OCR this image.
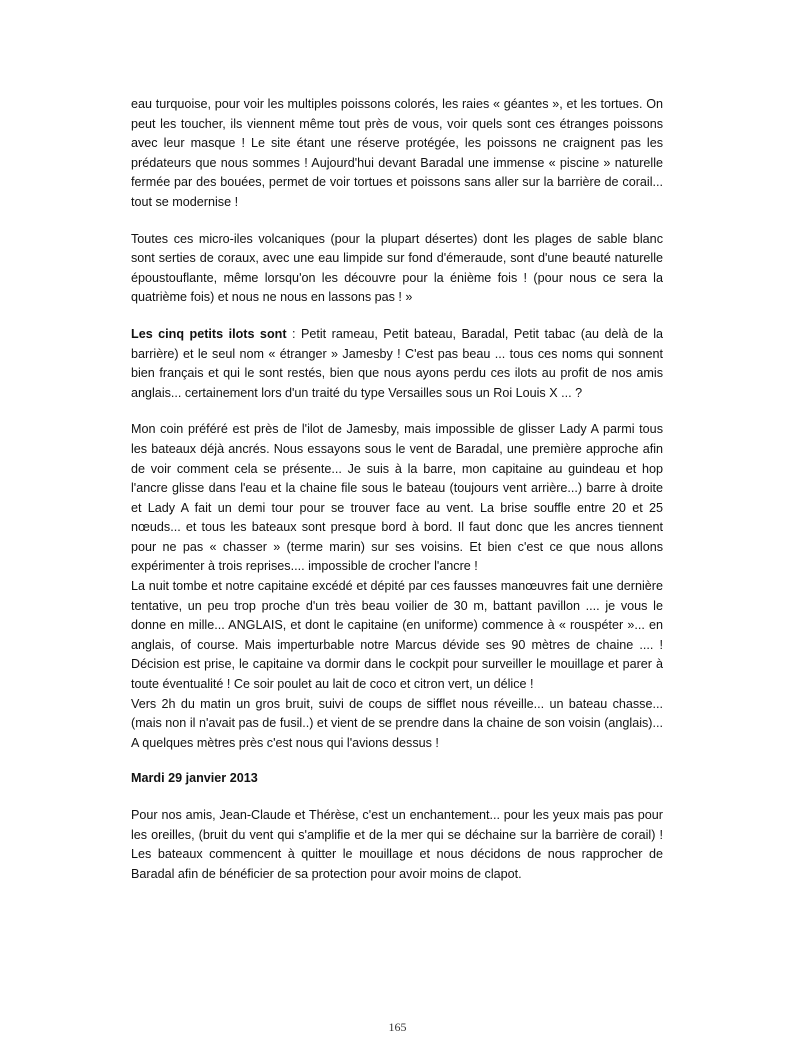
eau turquoise, pour voir les multiples poissons colorés, les raies « géantes », et les tortues. On peut les toucher, ils viennent même tout près de vous, voir quels sont ces étranges poissons avec leur masque ! Le site étant une réserve protégée, les poissons ne craignent pas les prédateurs que nous sommes ! Aujourd'hui devant Baradal une immense « piscine » naturelle fermée par des bouées, permet de voir tortues et poissons sans aller sur la barrière de corail... tout se modernise !

Toutes ces micro-iles volcaniques (pour la plupart désertes) dont les plages de sable blanc sont serties de coraux, avec une eau limpide sur fond d'émeraude, sont d'une beauté naturelle époustouflante, même lorsqu'on les découvre pour la énième fois ! (pour nous ce sera la quatrième fois) et nous ne nous en lassons pas ! »

Les cinq petits ilots sont : Petit rameau, Petit bateau, Baradal, Petit tabac (au delà de la barrière) et le seul nom « étranger » Jamesby ! C'est pas beau ... tous ces noms qui sonnent bien français et qui le sont restés, bien que nous ayons perdu ces ilots au profit de nos amis anglais... certainement lors d'un traité du type Versailles sous un Roi Louis X ... ?

Mon coin préféré est près de l'ilot de Jamesby, mais impossible de glisser Lady A parmi tous les bateaux déjà ancrés. Nous essayons sous le vent de Baradal, une première approche afin de voir comment cela se présente... Je suis à la barre, mon capitaine au guindeau et hop l'ancre glisse dans l'eau et la chaine file sous le bateau (toujours vent arrière...) barre à droite et Lady A fait un demi tour pour se trouver face au vent. La brise souffle entre 20 et 25 nœuds... et tous les bateaux sont presque bord à bord. Il faut donc que les ancres tiennent pour ne pas « chasser » (terme marin) sur ses voisins. Et bien c'est ce que nous allons expérimenter à trois reprises.... impossible de crocher l'ancre !

La nuit tombe et notre capitaine excédé et dépité par ces fausses manœuvres fait une dernière tentative, un peu trop proche d'un très beau voilier de 30 m, battant pavillon .... je vous le donne en mille... ANGLAIS, et dont le capitaine (en uniforme) commence à « rouspéter »... en anglais, of course. Mais imperturbable notre Marcus dévide ses 90 mètres de chaine .... ! Décision est prise, le capitaine va dormir dans le cockpit pour surveiller le mouillage et parer à toute éventualité ! Ce soir poulet au lait de coco et citron vert, un délice !

Vers 2h du matin un gros bruit, suivi de coups de sifflet nous réveille... un bateau chasse... (mais non il n'avait pas de fusil..) et vient de se prendre dans la chaine de son voisin (anglais)... A quelques mètres près c'est nous qui l'avions dessus !

Mardi 29 janvier 2013

Pour nos amis, Jean-Claude et Thérèse, c'est un enchantement... pour les yeux mais pas pour les oreilles, (bruit du vent qui s'amplifie et de la mer qui se déchaine sur la barrière de corail) ! Les bateaux commencent à quitter le mouillage et nous décidons de nous rapprocher de Baradal afin de bénéficier de sa protection pour avoir moins de clapot.

165
